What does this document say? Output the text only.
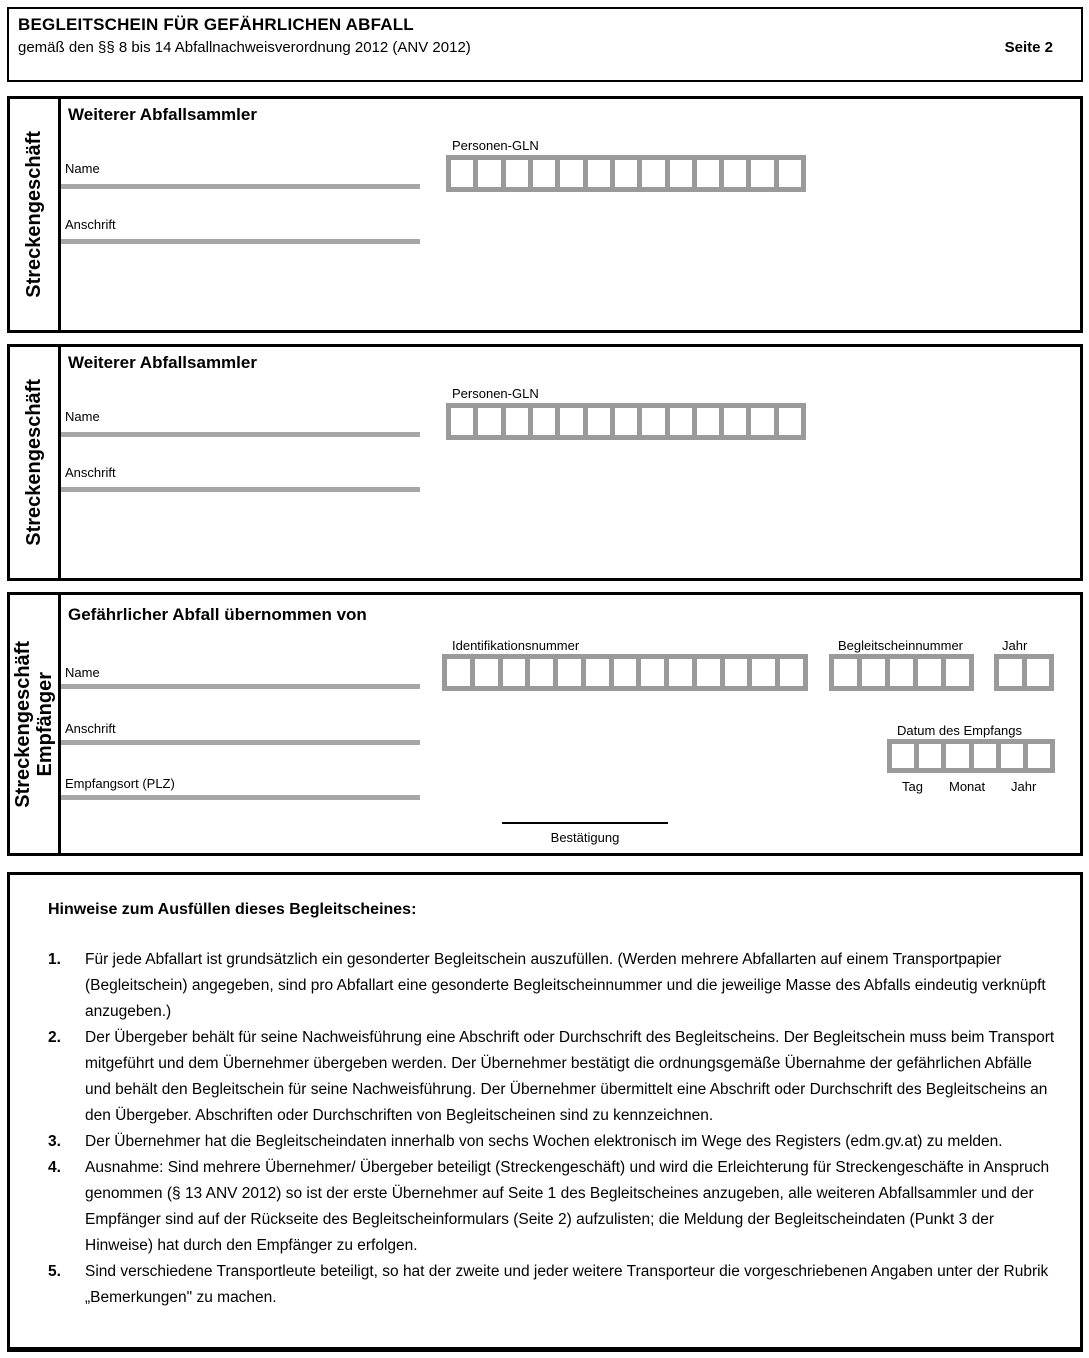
BEGLEITSCHEIN FÜR GEFÄHRLICHEN ABFALL
gemäß den §§ 8 bis 14 Abfallnachweisverordnung 2012 (ANV 2012)	Seite 2
Streckengeschäft
Weiterer Abfallsammler
Name
Anschrift
Personen-GLN
Streckengeschäft
Weiterer Abfallsammler
Name
Anschrift
Personen-GLN
Streckengeschäft Empfänger
Gefährlicher Abfall übernommen von
Name
Anschrift
Empfangsort (PLZ)
Identifikationsnummer	Begleitscheinnummer	Jahr
Datum des Empfangs
Tag Monat Jahr
Bestätigung
Hinweise zum Ausfüllen dieses Begleitscheines:
1.	Für jede Abfallart ist grundsätzlich ein gesonderter Begleitschein auszufüllen. (Werden mehrere Abfallarten auf einem Transportpapier (Begleitschein) angegeben, sind pro Abfallart eine gesonderte Begleitscheinnummer und die jeweilige Masse des Abfalls eindeutig verknüpft anzugeben.)
2.	Der Übergeber behält für seine Nachweisführung eine Abschrift oder Durchschrift des Begleitscheins. Der Begleitschein muss beim Transport mitgeführt und dem Übernehmer übergeben werden. Der Übernehmer bestätigt die ordnungsgemäße Übernahme der gefährlichen Abfälle und behält den Begleitschein für seine Nachweisführung. Der Übernehmer übermittelt eine Abschrift oder Durchschrift des Begleitscheins an den Übergeber. Abschriften oder Durchschriften von Begleitscheinen sind zu kennzeichnen.
3.	Der Übernehmer hat die Begleitscheindaten innerhalb von sechs Wochen elektronisch im Wege des Registers (edm.gv.at) zu melden.
4.	Ausnahme: Sind mehrere Übernehmer/ Übergeber beteiligt (Streckengeschäft) und wird die Erleichterung für Streckengeschäfte in Anspruch genommen (§ 13 ANV 2012) so ist der erste Übernehmer auf Seite 1 des Begleitscheines anzugeben, alle weiteren Abfallsammler und der Empfänger sind auf der Rückseite des Begleitscheinformulars (Seite 2) aufzulisten; die Meldung der Begleitscheindaten (Punkt 3 der Hinweise) hat durch den Empfänger zu erfolgen.
5.	Sind verschiedene Transportleute beteiligt, so hat der zweite und jeder weitere Transporteur die vorgeschriebenen Angaben unter der Rubrik „Bemerkungen" zu machen.
